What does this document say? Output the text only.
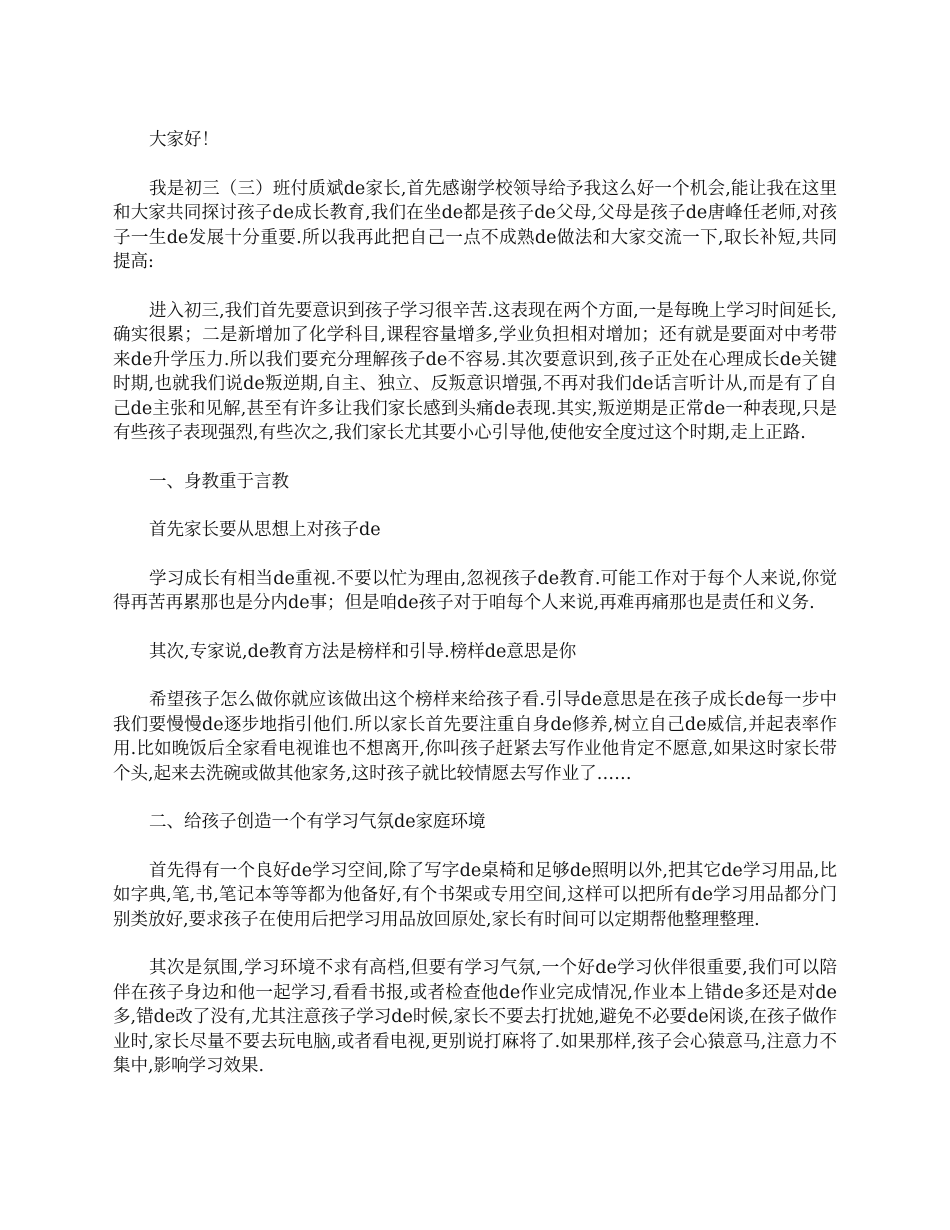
大家好！

我是初三（三）班付质斌de家长,首先感谢学校领导给予我这么好一个机会,能让我在这里和大家共同探讨孩子de成长教育,我们在坐de都是孩子de父母,父母是孩子de唐峰任老师,对孩子一生de发展十分重要.所以我再此把自己一点不成熟de做法和大家交流一下,取长补短,共同提高:

进入初三,我们首先要意识到孩子学习很辛苦.这表现在两个方面,一是每晚上学习时间延长,确实很累；二是新增加了化学科目,课程容量增多,学业负担相对增加；还有就是要面对中考带来de升学压力.所以我们要充分理解孩子de不容易.其次要意识到,孩子正处在心理成长de关键时期,也就我们说de叛逆期,自主、独立、反叛意识增强,不再对我们de话言听计从,而是有了自己de主张和见解,甚至有许多让我们家长感到头痛de表现.其实,叛逆期是正常de一种表现,只是有些孩子表现强烈,有些次之,我们家长尤其要小心引导他,使他安全度过这个时期,走上正路.

一、身教重于言教

首先家长要从思想上对孩子de

学习成长有相当de重视.不要以忙为理由,忽视孩子de教育.可能工作对于每个人来说,你觉得再苦再累那也是分内de事；但是咱de孩子对于咱每个人来说,再难再痛那也是责任和义务.

其次,专家说,de教育方法是榜样和引导.榜样de意思是你

希望孩子怎么做你就应该做出这个榜样来给孩子看.引导de意思是在孩子成长de每一步中我们要慢慢de逐步地指引他们.所以家长首先要注重自身de修养,树立自己de威信,并起表率作用.比如晚饭后全家看电视谁也不想离开,你叫孩子赶紧去写作业他肯定不愿意,如果这时家长带个头,起来去洗碗或做其他家务,这时孩子就比较情愿去写作业了……

二、给孩子创造一个有学习气氛de家庭环境

首先得有一个良好de学习空间,除了写字de桌椅和足够de照明以外,把其它de学习用品,比如字典,笔,书,笔记本等等都为他备好,有个书架或专用空间,这样可以把所有de学习用品都分门别类放好,要求孩子在使用后把学习用品放回原处,家长有时间可以定期帮他整理整理.

其次是氛围,学习环境不求有高档,但要有学习气氛,一个好de学习伙伴很重要,我们可以陪伴在孩子身边和他一起学习,看看书报,或者检查他de作业完成情况,作业本上错de多还是对de多,错de改了没有,尤其注意孩子学习de时候,家长不要去打扰她,避免不必要de闲谈,在孩子做作业时,家长尽量不要去玩电脑,或者看电视,更别说打麻将了.如果那样,孩子会心猿意马,注意力不集中,影响学习效果.
